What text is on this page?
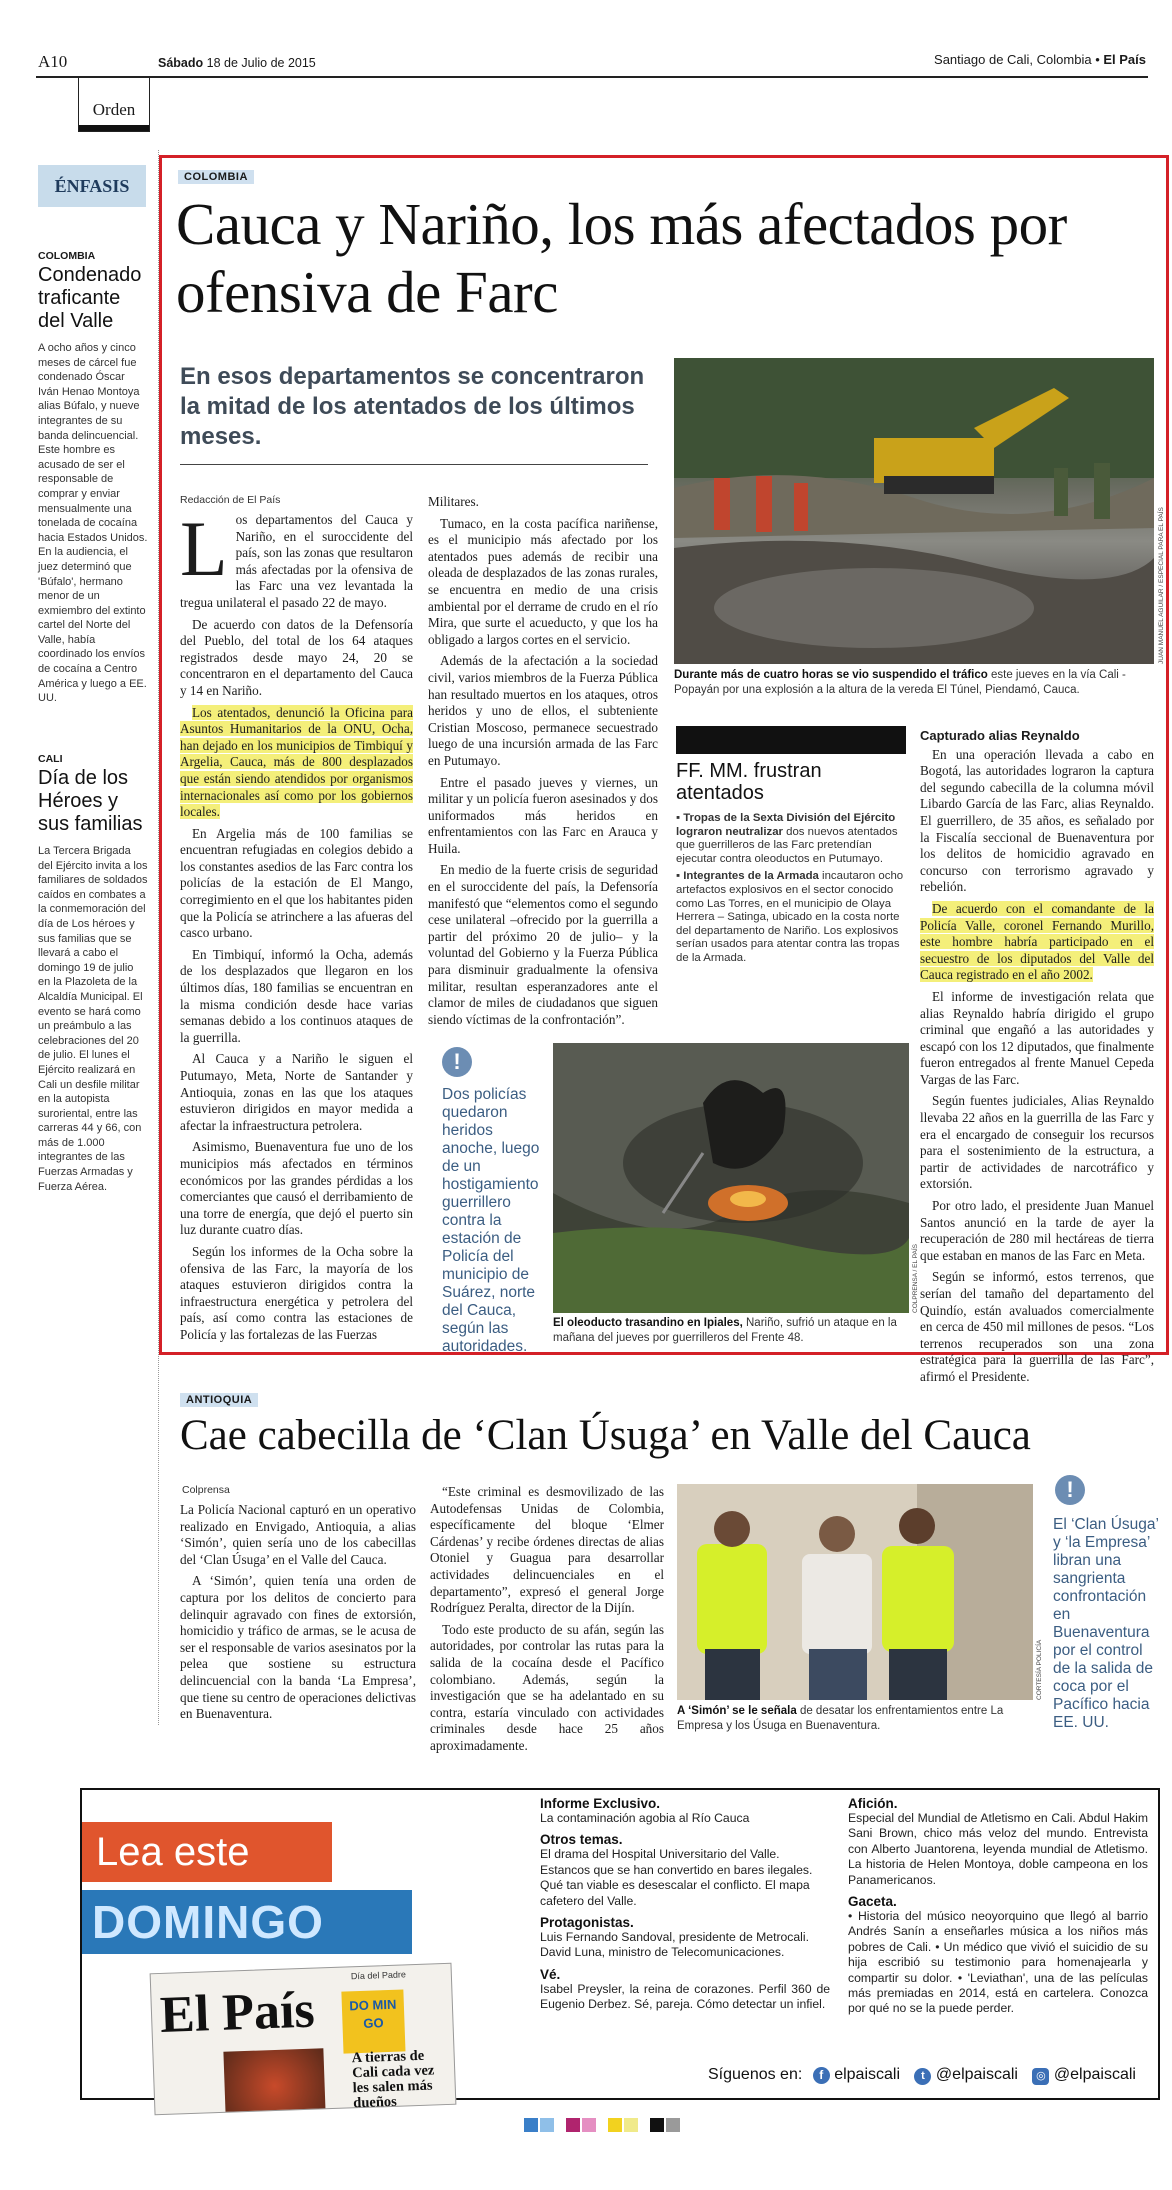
A10	Sábado 18 de Julio de 2015	Santiago de Cali, Colombia • El País
Orden
ÉNFASIS
COLOMBIA
Condenado traficante del Valle
A ocho años y cinco meses de cárcel fue condenado Óscar Iván Henao Montoya alias Búfalo, y nueve integrantes de su banda delincuencial. Este hombre es acusado de ser el responsable de comprar y enviar mensualmente una tonelada de cocaína hacia Estados Unidos. En la audiencia, el juez determinó que 'Búfalo', hermano menor de un exmiembro del extinto cartel del Norte del Valle, había coordinado los envíos de cocaína a Centro América y luego a EE. UU.
CALI
Día de los Héroes y sus familias
La Tercera Brigada del Ejército invita a los familiares de soldados caídos en combates a la conmemoración del día de Los héroes y sus familias que se llevará a cabo el domingo 19 de julio en la Plazoleta de la Alcaldía Municipal. El evento se hará como un preámbulo a las celebraciones del 20 de julio. El lunes el Ejército realizará en Cali un desfile militar en la autopista suroriental, entre las carreras 44 y 66, con más de 1.000 integrantes de las Fuerzas Armadas y Fuerza Aérea.
COLOMBIA
Cauca y Nariño, los más afectados por ofensiva de Farc
En esos departamentos se concentraron la mitad de los atentados de los últimos meses.
JUAN MANUEL AGUILAR / ESPECIAL PARA EL PAÍS
Durante más de cuatro horas se vio suspendido el tráfico este jueves en la vía Cali - Popayán por una explosión a la altura de la vereda El Túnel, Piendamó, Cauca.
Redacción de El País
L os departamentos del Cauca y Nariño, en el suroccidente del país, son las zonas que resultaron más afectadas por la ofensiva de las Farc una vez levantada la tregua unilateral el pasado 22 de mayo.

De acuerdo con datos de la Defensoría del Pueblo, del total de los 64 ataques registrados desde mayo 24, 20 se concentraron en el departamento del Cauca y 14 en Nariño.

Los atentados, denunció la Oficina para Asuntos Humanitarios de la ONU, Ocha, han dejado en los municipios de Timbiquí y Argelia, Cauca, más de 800 desplazados que están siendo atendidos por organismos internacionales así como por los gobiernos locales.

En Argelia más de 100 familias se encuentran refugiadas en colegios debido a los constantes asedios de las Farc contra los policías de la estación de El Mango, corregimiento en el que los habitantes piden que la Policía se atrinchere a las afueras del casco urbano.

En Timbiquí, informó la Ocha, además de los desplazados que llegaron en los últimos días, 180 familias se encuentran en la misma condición desde hace varias semanas debido a los continuos ataques de la guerrilla.

Al Cauca y a Nariño le siguen el Putumayo, Meta, Norte de Santander y Antioquia, zonas en las que los ataques estuvieron dirigidos en mayor medida a afectar la infraestructura petrolera.

Asimismo, Buenaventura fue uno de los municipios más afectados en términos económicos por las grandes pérdidas a los comerciantes que causó el derribamiento de una torre de energía, que dejó el puerto sin luz durante cuatro días.

Según los informes de la Ocha sobre la ofensiva de las Farc, la mayoría de los ataques estuvieron dirigidos contra la infraestructura energética y petrolera del país, así como contra las estaciones de Policía y las fortalezas de las Fuerzas

Militares.

Tumaco, en la costa pacífica nariñense, es el municipio más afectado por los atentados pues además de recibir una oleada de desplazados de las zonas rurales, se encuentra en medio de una crisis ambiental por el derrame de crudo en el río Mira, que surte el acueducto, y que los ha obligado a largos cortes en el servicio.

Además de la afectación a la sociedad civil, varios miembros de la Fuerza Pública han resultado muertos en los ataques, otros heridos y uno de ellos, el subteniente Cristian Moscoso, permanece secuestrado luego de una incursión armada de las Farc en Putumayo.

Entre el pasado jueves y viernes, un militar y un policía fueron asesinados y dos uniformados más heridos en enfrentamientos con las Farc en Arauca y Huila.

En medio de la fuerte crisis de seguridad en el suroccidente del país, la Defensoría manifestó que “elementos como el segundo cese unilateral –ofrecido por la guerrilla a partir del próximo 20 de julio– y la voluntad del Gobierno y la Fuerza Pública para disminuir gradualmente la ofensiva militar, resultan esperanzadores ante el clamor de miles de ciudadanos que siguen siendo víctimas de la confrontación”.

FF. MM. frustran atentados
▪ Tropas de la Sexta División del Ejército lograron neutralizar dos nuevos atentados que guerrilleros de las Farc pretendían ejecutar contra oleoductos en Putumayo.
▪ Integrantes de la Armada incautaron ocho artefactos explosivos en el sector conocido como Las Torres, en el municipio de Olaya Herrera – Satinga, ubicado en la costa norte del departamento de Nariño. Los explosivos serían usados para atentar contra las tropas de la Armada.
Capturado alias Reynaldo

En una operación llevada a cabo en Bogotá, las autoridades lograron la captura del segundo cabecilla de la columna móvil Libardo García de las Farc, alias Reynaldo. El guerrillero, de 35 años, es señalado por la Fiscalía seccional de Buenaventura por los delitos de homicidio agravado en concurso con terrorismo agravado y rebelión.

De acuerdo con el comandante de la Policía Valle, coronel Fernando Murillo, este hombre habría participado en el secuestro de los diputados del Valle del Cauca registrado en el año 2002.

El informe de investigación relata que alias Reynaldo habría dirigido el grupo criminal que engañó a las autoridades y escapó con los 12 diputados, que finalmente fueron entregados al frente Manuel Cepeda Vargas de las Farc.

Según fuentes judiciales, Alias Reynaldo llevaba 22 años en la guerrilla de las Farc y era el encargado de conseguir los recursos para el sostenimiento de la estructura, a partir de actividades de narcotráfico y extorsión.

Por otro lado, el presidente Juan Manuel Santos anunció en la tarde de ayer la recuperación de 280 mil hectáreas de tierra que estaban en manos de las Farc en Meta.

Según se informó, estos terrenos, que serían del tamaño del departamento del Quindío, están avaluados comercialmente en cerca de 450 mil millones de pesos. “Los terrenos recuperados son una zona estratégica para la guerrilla de las Farc”, afirmó el Presidente.

!
Dos policías quedaron heridos anoche, luego de un hostigamiento guerrillero contra la estación de Policía del municipio de Suárez, norte del Cauca, según las autoridades.
COLPRENSA / EL PAÍS
El oleoducto trasandino en Ipiales, Nariño, sufrió un ataque en la mañana del jueves por guerrilleros del Frente 48.
ANTIOQUIA
Cae cabecilla de ‘Clan Úsuga’ en Valle del Cauca
Colprensa

La Policía Nacional capturó en un operativo realizado en Envigado, Antioquia, a alias ‘Simón’, quien sería uno de los cabecillas del ‘Clan Úsuga’ en el Valle del Cauca.

A ‘Simón’, quien tenía una orden de captura por los delitos de concierto para delinquir agravado con fines de extorsión, homicidio y tráfico de armas, se le acusa de ser el responsable de varios asesinatos por la pelea que sostiene su estructura delincuencial con la banda ‘La Empresa’, que tiene su centro de operaciones delictivas en Buenaventura.

“Este criminal es desmovilizado de las Autodefensas Unidas de Colombia, específicamente del bloque ‘Elmer Cárdenas’ y recibe órdenes directas de alias Otoniel y Guagua para desarrollar actividades delincuenciales en el departamento”, expresó el general Jorge Rodríguez Peralta, director de la Dijín.

Todo este producto de su afán, según las autoridades, por controlar las rutas para la salida de la cocaína desde el Pacífico colombiano. Además, según la investigación que se ha adelantado en su contra, estaría vinculado con actividades criminales desde hace 25 años aproximadamente.

CORTESÍA POLICÍA
A ‘Simón’ se le señala de desatar los enfrentamientos entre La Empresa y los Úsuga en Buenaventura.
!
El ‘Clan Úsuga’ y ‘la Empresa’ libran una sangrienta confrontación en Buenaventura por el control de la salida de coca por el Pacífico hacia EE. UU.
Lea este
DOMINGO
Día del Padre
El País	DO MIN GO
A tierras de Cali cada vez les salen más dueños
Informe Exclusivo.
La contaminación agobia al Río Cauca
Otros temas.
El drama del Hospital Universitario del Valle. Estancos que se han convertido en bares ilegales. Qué tan viable es desescalar el conflicto. El mapa cafetero del Valle.
Protagonistas.
Luis Fernando Sandoval, presidente de Metrocali. David Luna, ministro de Telecomunicaciones.
Vé.
Isabel Preysler, la reina de corazones. Perfil 360 de Eugenio Derbez. Sé, pareja. Cómo detectar un infiel.
Afición.
Especial del Mundial de Atletismo en Cali. Abdul Hakim Sani Brown, chico más veloz del mundo. Entrevista con Alberto Juantorena, leyenda mundial de Atletismo. La historia de Helen Montoya, doble campeona en los Panamericanos.
Gaceta.
• Historia del músico neoyorquino que llegó al barrio Andrés Sanín a enseñarles música a los niños más pobres de Cali. • Un médico que vivió el suicidio de su hija escribió su testimonio para homenajearla y compartir su dolor. • 'Leviathan', una de las películas más premiadas en 2014, está en cartelera. Conozca por qué no se la puede perder.
Síguenos en: f elpaiscali t @elpaiscali ◎ @elpaiscali
